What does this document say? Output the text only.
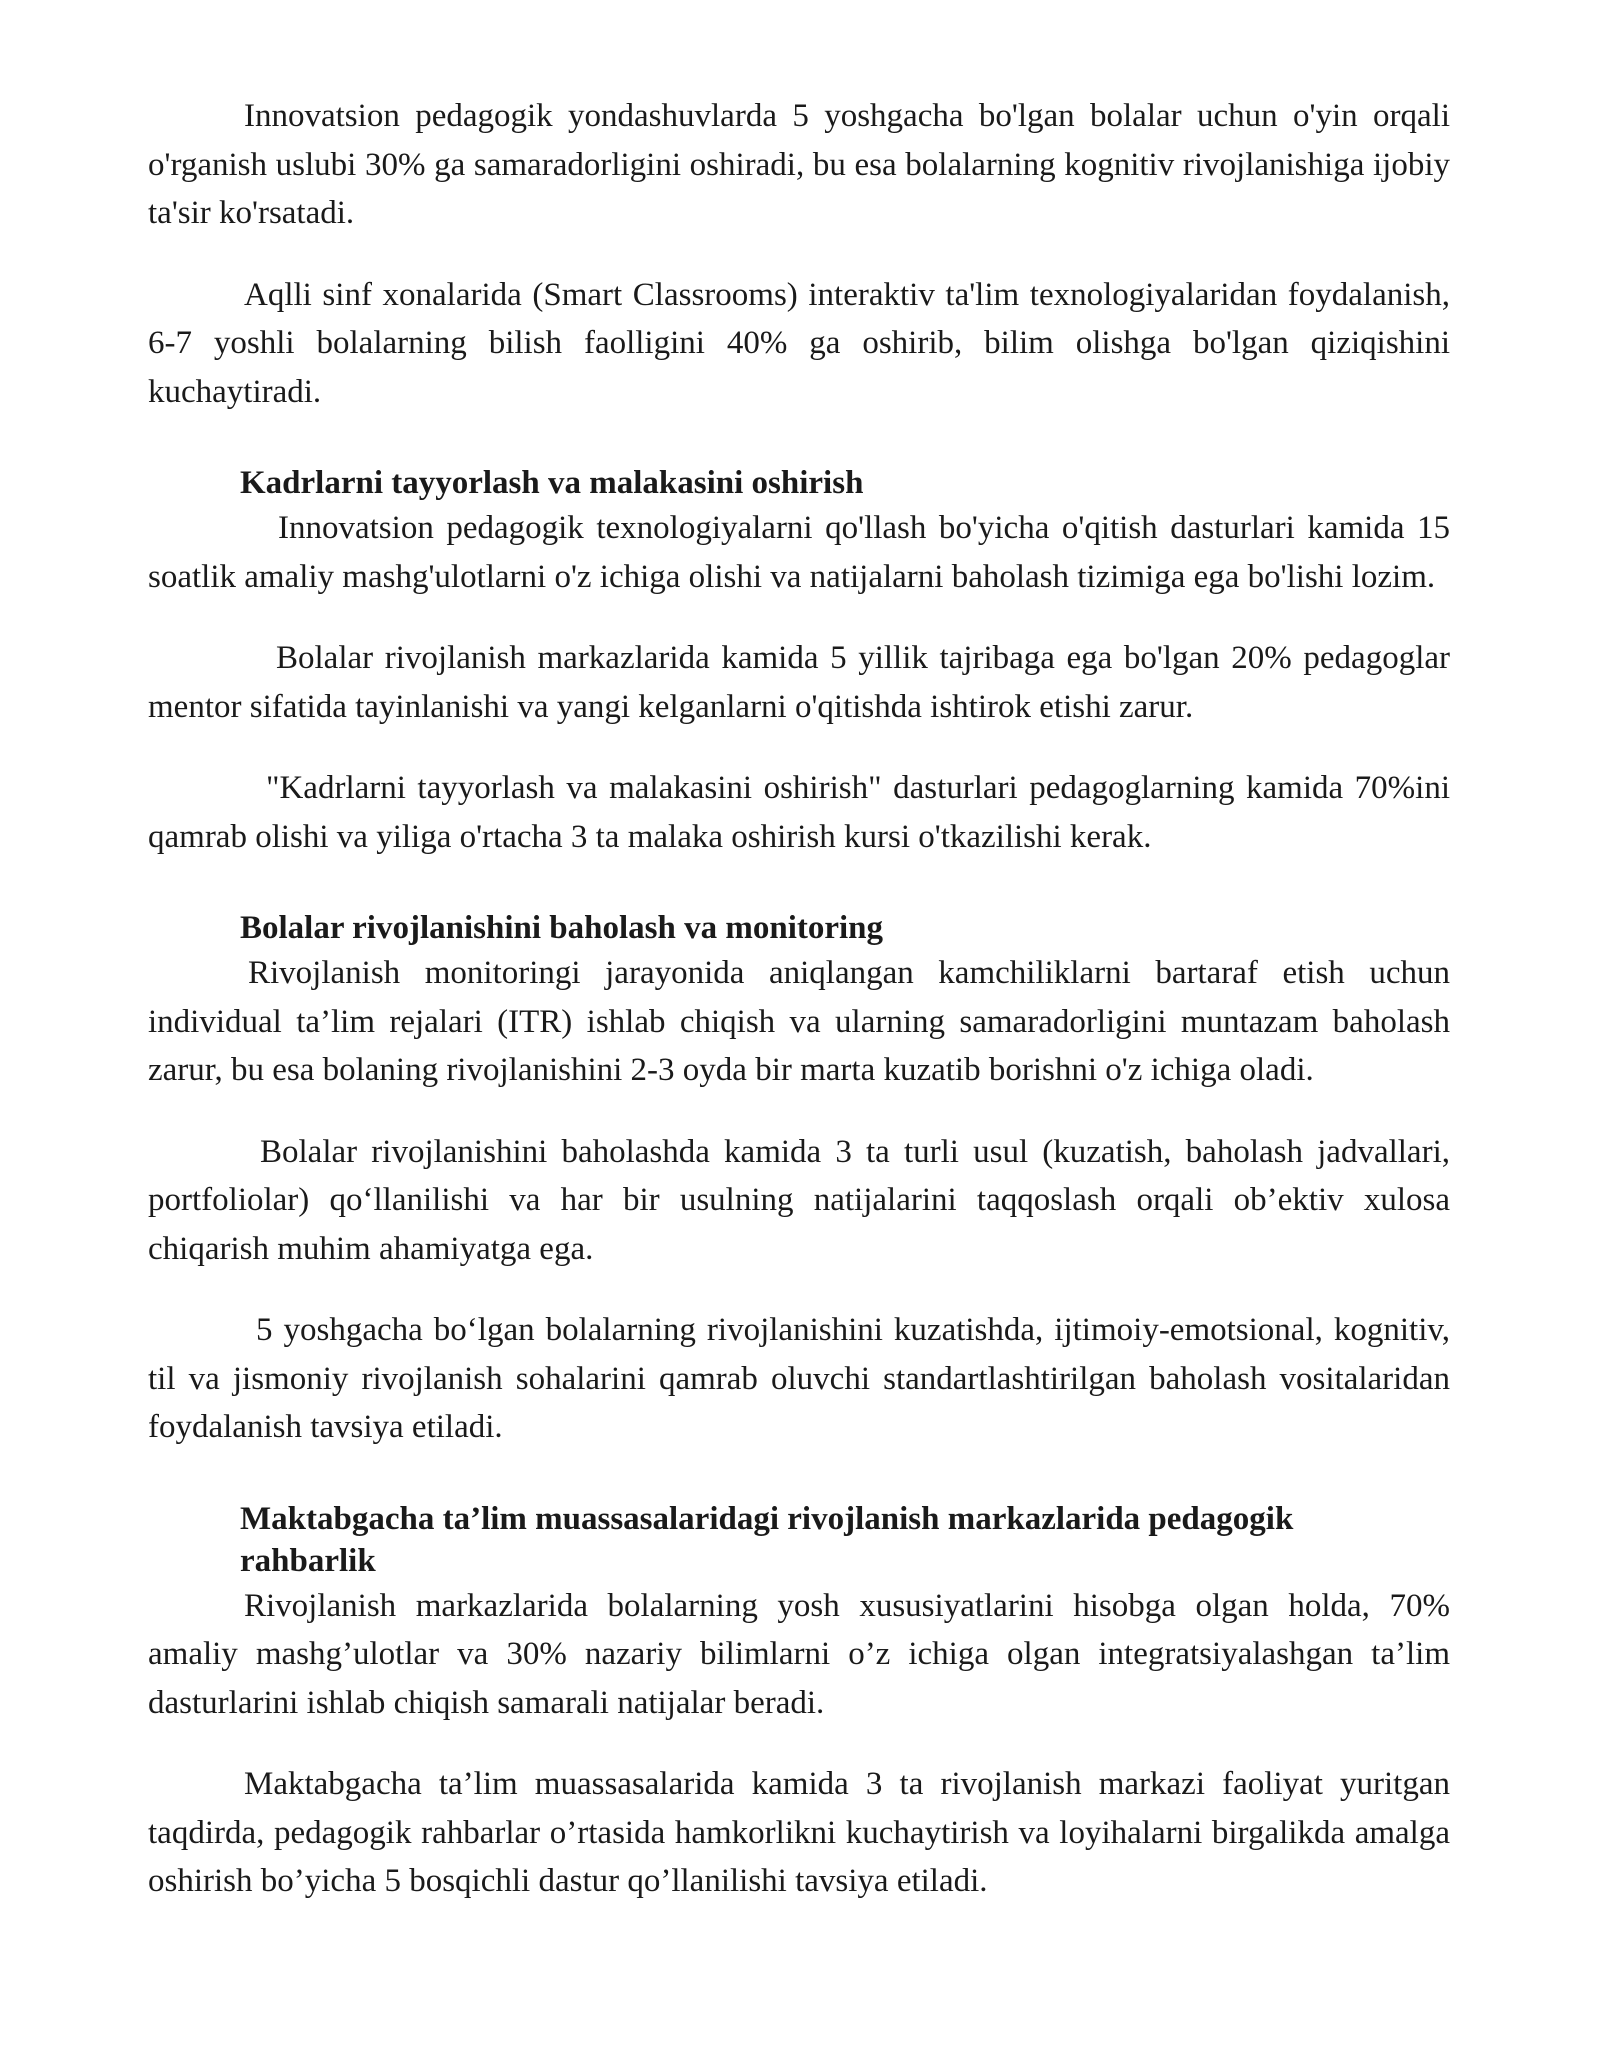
Innovatsion pedagogik yondashuvlarda 5 yoshgacha bo'lgan bolalar uchun o'yin orqali o'rganish uslubi 30% ga samaradorligini oshiradi, bu esa bolalarning kognitiv rivojlanishiga ijobiy ta'sir ko'rsatadi.

Aqlli sinf xonalarida (Smart Classrooms) interaktiv ta'lim texnologiyalaridan foydalanish, 6-7 yoshli bolalarning bilish faolligini 40% ga oshirib, bilim olishga bo'lgan qiziqishini kuchaytiradi.

Kadrlarni tayyorlash va malakasini oshirish

Innovatsion pedagogik texnologiyalarni qo'llash bo'yicha o'qitish dasturlari kamida 15 soatlik amaliy mashg'ulotlarni o'z ichiga olishi va natijalarni baholash tizimiga ega bo'lishi lozim.

Bolalar rivojlanish markazlarida kamida 5 yillik tajribaga ega bo'lgan 20% pedagoglar mentor sifatida tayinlanishi va yangi kelganlarni o'qitishda ishtirok etishi zarur.

"Kadrlarni tayyorlash va malakasini oshirish" dasturlari pedagoglarning kamida 70%ini qamrab olishi va yiliga o'rtacha 3 ta malaka oshirish kursi o'tkazilishi kerak.

Bolalar rivojlanishini baholash va monitoring

Rivojlanish monitoringi jarayonida aniqlangan kamchiliklarni bartaraf etish uchun individual ta’lim rejalari (ITR) ishlab chiqish va ularning samaradorligini muntazam baholash zarur, bu esa bolaning rivojlanishini 2-3 oyda bir marta kuzatib borishni o'z ichiga oladi.

Bolalar rivojlanishini baholashda kamida 3 ta turli usul (kuzatish, baholash jadvallari, portfoliolar) qo‘llanilishi va har bir usulning natijalarini taqqoslash orqali ob’ektiv xulosa chiqarish muhim ahamiyatga ega.

5 yoshgacha bo‘lgan bolalarning rivojlanishini kuzatishda, ijtimoiy-emotsional, kognitiv, til va jismoniy rivojlanish sohalarini qamrab oluvchi standartlashtirilgan baholash vositalaridan foydalanish tavsiya etiladi.

Maktabgacha ta’lim muassasalaridagi rivojlanish markazlarida pedagogik rahbarlik

Rivojlanish markazlarida bolalarning yosh xususiyatlarini hisobga olgan holda, 70% amaliy mashg’ulotlar va 30% nazariy bilimlarni o’z ichiga olgan integratsiyalashgan ta’lim dasturlarini ishlab chiqish samarali natijalar beradi.

Maktabgacha ta’lim muassasalarida kamida 3 ta rivojlanish markazi faoliyat yuritgan taqdirda, pedagogik rahbarlar o’rtasida hamkorlikni kuchaytirish va loyihalarni birgalikda amalga oshirish bo’yicha 5 bosqichli dastur qo’llanilishi tavsiya etiladi.
